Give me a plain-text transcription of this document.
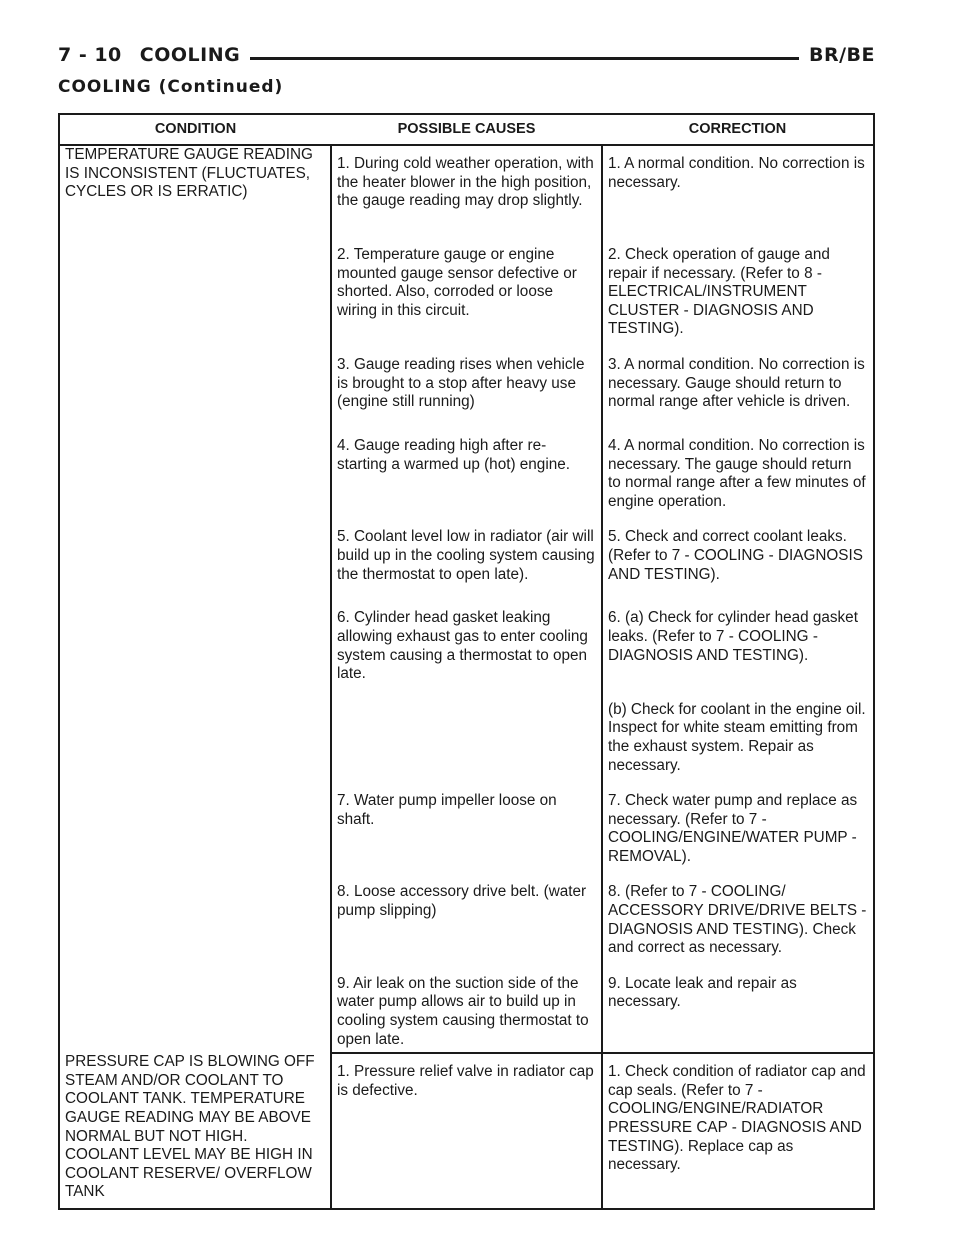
7 - 10 COOLING	BR/BE
COOLING (Continued)
CONDITION	POSSIBLE CAUSES	CORRECTION
TEMPERATURE GAUGE READING IS INCONSISTENT (FLUCTUATES, CYCLES OR IS ERRATIC)	1. During cold weather operation, with the heater blower in the high position, the gauge reading may drop slightly.	1. A normal condition. No correction is necessary.
	2. Temperature gauge or engine mounted gauge sensor defective or shorted. Also, corroded or loose wiring in this circuit.	2. Check operation of gauge and repair if necessary. (Refer to 8 - ELECTRICAL/INSTRUMENT CLUSTER - DIAGNOSIS AND TESTING).
	3. Gauge reading rises when vehicle is brought to a stop after heavy use (engine still running)	3. A normal condition. No correction is necessary. Gauge should return to normal range after vehicle is driven.
	4. Gauge reading high after re-starting a warmed up (hot) engine.	4. A normal condition. No correction is necessary. The gauge should return to normal range after a few minutes of engine operation.
	5. Coolant level low in radiator (air will build up in the cooling system causing the thermostat to open late).	5. Check and correct coolant leaks. (Refer to 7 - COOLING - DIAGNOSIS AND TESTING).
	6. Cylinder head gasket leaking allowing exhaust gas to enter cooling system causing a thermostat to open late.	6. (a) Check for cylinder head gasket leaks. (Refer to 7 - COOLING - DIAGNOSIS AND TESTING).
		(b) Check for coolant in the engine oil. Inspect for white steam emitting from the exhaust system. Repair as necessary.
	7. Water pump impeller loose on shaft.	7. Check water pump and replace as necessary. (Refer to 7 - COOLING/ENGINE/WATER PUMP - REMOVAL).
	8. Loose accessory drive belt. (water pump slipping)	8. (Refer to 7 - COOLING/ ACCESSORY DRIVE/DRIVE BELTS - DIAGNOSIS AND TESTING). Check and correct as necessary.
	9. Air leak on the suction side of the water pump allows air to build up in cooling system causing thermostat to open late.	9. Locate leak and repair as necessary.
PRESSURE CAP IS BLOWING OFF STEAM AND/OR COOLANT TO COOLANT TANK. TEMPERATURE GAUGE READING MAY BE ABOVE NORMAL BUT NOT HIGH. COOLANT LEVEL MAY BE HIGH IN COOLANT RESERVE/ OVERFLOW TANK	1. Pressure relief valve in radiator cap is defective.	1. Check condition of radiator cap and cap seals. (Refer to 7 - COOLING/ENGINE/RADIATOR PRESSURE CAP - DIAGNOSIS AND TESTING). Replace cap as necessary.
